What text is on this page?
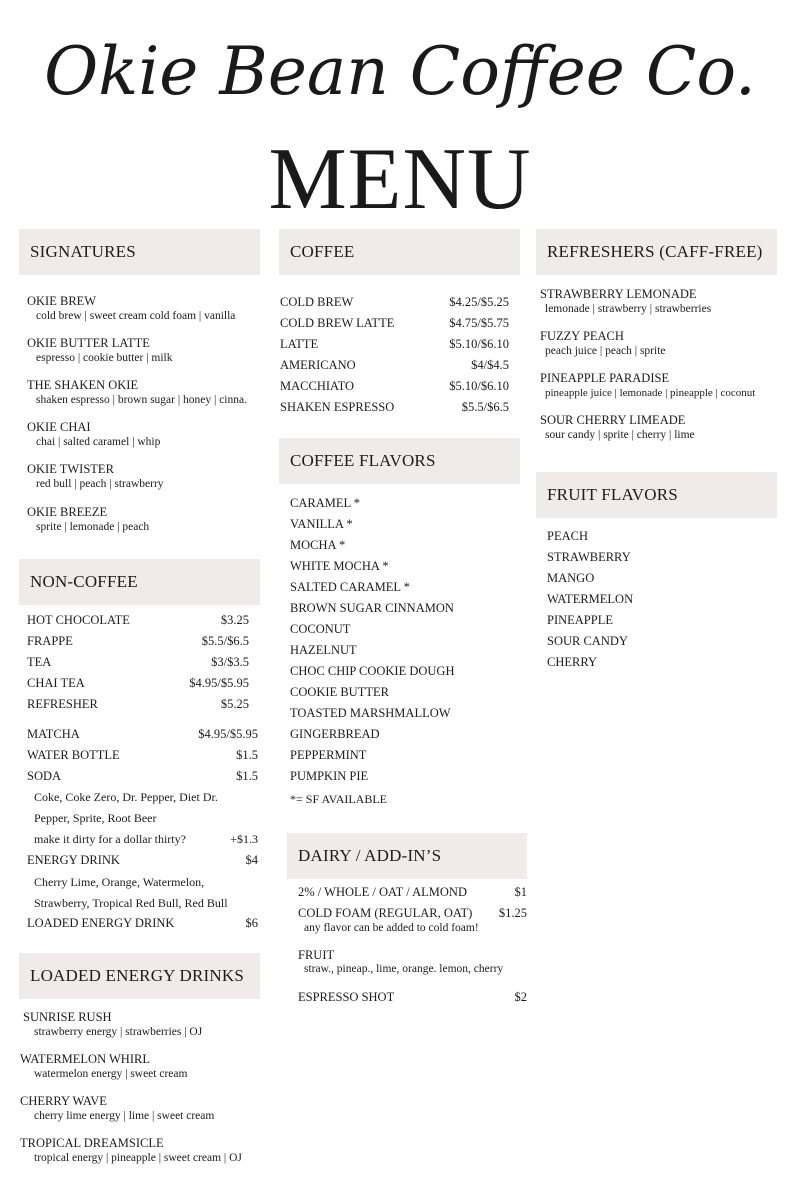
Okie Bean Coffee Co.
MENU
SIGNATURES
OKIE BREW
cold brew | sweet cream cold foam | vanilla
OKIE BUTTER LATTE
espresso | cookie butter | milk
THE SHAKEN OKIE
shaken espresso | brown sugar | honey | cinna.
OKIE CHAI
chai | salted caramel | whip
OKIE TWISTER
red bull | peach | strawberry
OKIE BREEZE
sprite | lemonade | peach
NON-COFFEE
HOT CHOCOLATE	$3.25
FRAPPE	$5.5/$6.5
TEA	$3/$3.5
CHAI TEA	$4.95/$5.95
REFRESHER	$5.25
MATCHA	$4.95/$5.95
WATER BOTTLE	$1.5
SODA	$1.5
Coke, Coke Zero, Dr. Pepper, Diet Dr.
Pepper, Sprite, Root Beer
make it dirty for a dollar thirty?	+$1.3
ENERGY DRINK	$4
Cherry Lime, Orange, Watermelon,
Strawberry, Tropical Red Bull, Red Bull
LOADED ENERGY DRINK	$6
LOADED ENERGY DRINKS
SUNRISE RUSH
strawberry energy | strawberries | OJ
WATERMELON WHIRL
watermelon energy | sweet cream
CHERRY WAVE
cherry lime energy | lime | sweet cream
TROPICAL DREAMSICLE
tropical energy | pineapple | sweet cream | OJ
COFFEE
COLD BREW	$4.25/$5.25
COLD BREW LATTE	$4.75/$5.75
LATTE	$5.10/$6.10
AMERICANO	$4/$4.5
MACCHIATO	$5.10/$6.10
SHAKEN ESPRESSO	$5.5/$6.5
COFFEE FLAVORS
CARAMEL *
VANILLA *
MOCHA *
WHITE MOCHA *
SALTED CARAMEL *
BROWN SUGAR CINNAMON
COCONUT
HAZELNUT
CHOC CHIP COOKIE DOUGH
COOKIE BUTTER
TOASTED MARSHMALLOW
GINGERBREAD
PEPPERMINT
PUMPKIN PIE
*= SF AVAILABLE
DAIRY / ADD-IN’S
2% / WHOLE / OAT / ALMOND	$1
COLD FOAM (REGULAR, OAT) $1.25
any flavor can be added to cold foam!
FRUIT
straw., pineap., lime, orange. lemon, cherry
ESPRESSO SHOT	$2
REFRESHERS (CAFF-FREE)
STRAWBERRY LEMONADE
lemonade | strawberry | strawberries
FUZZY PEACH
peach juice | peach | sprite
PINEAPPLE PARADISE
pineapple juice | lemonade | pineapple | coconut
SOUR CHERRY LIMEADE
sour candy | sprite | cherry | lime
FRUIT FLAVORS
PEACH
STRAWBERRY
MANGO
WATERMELON
PINEAPPLE
SOUR CANDY
CHERRY
